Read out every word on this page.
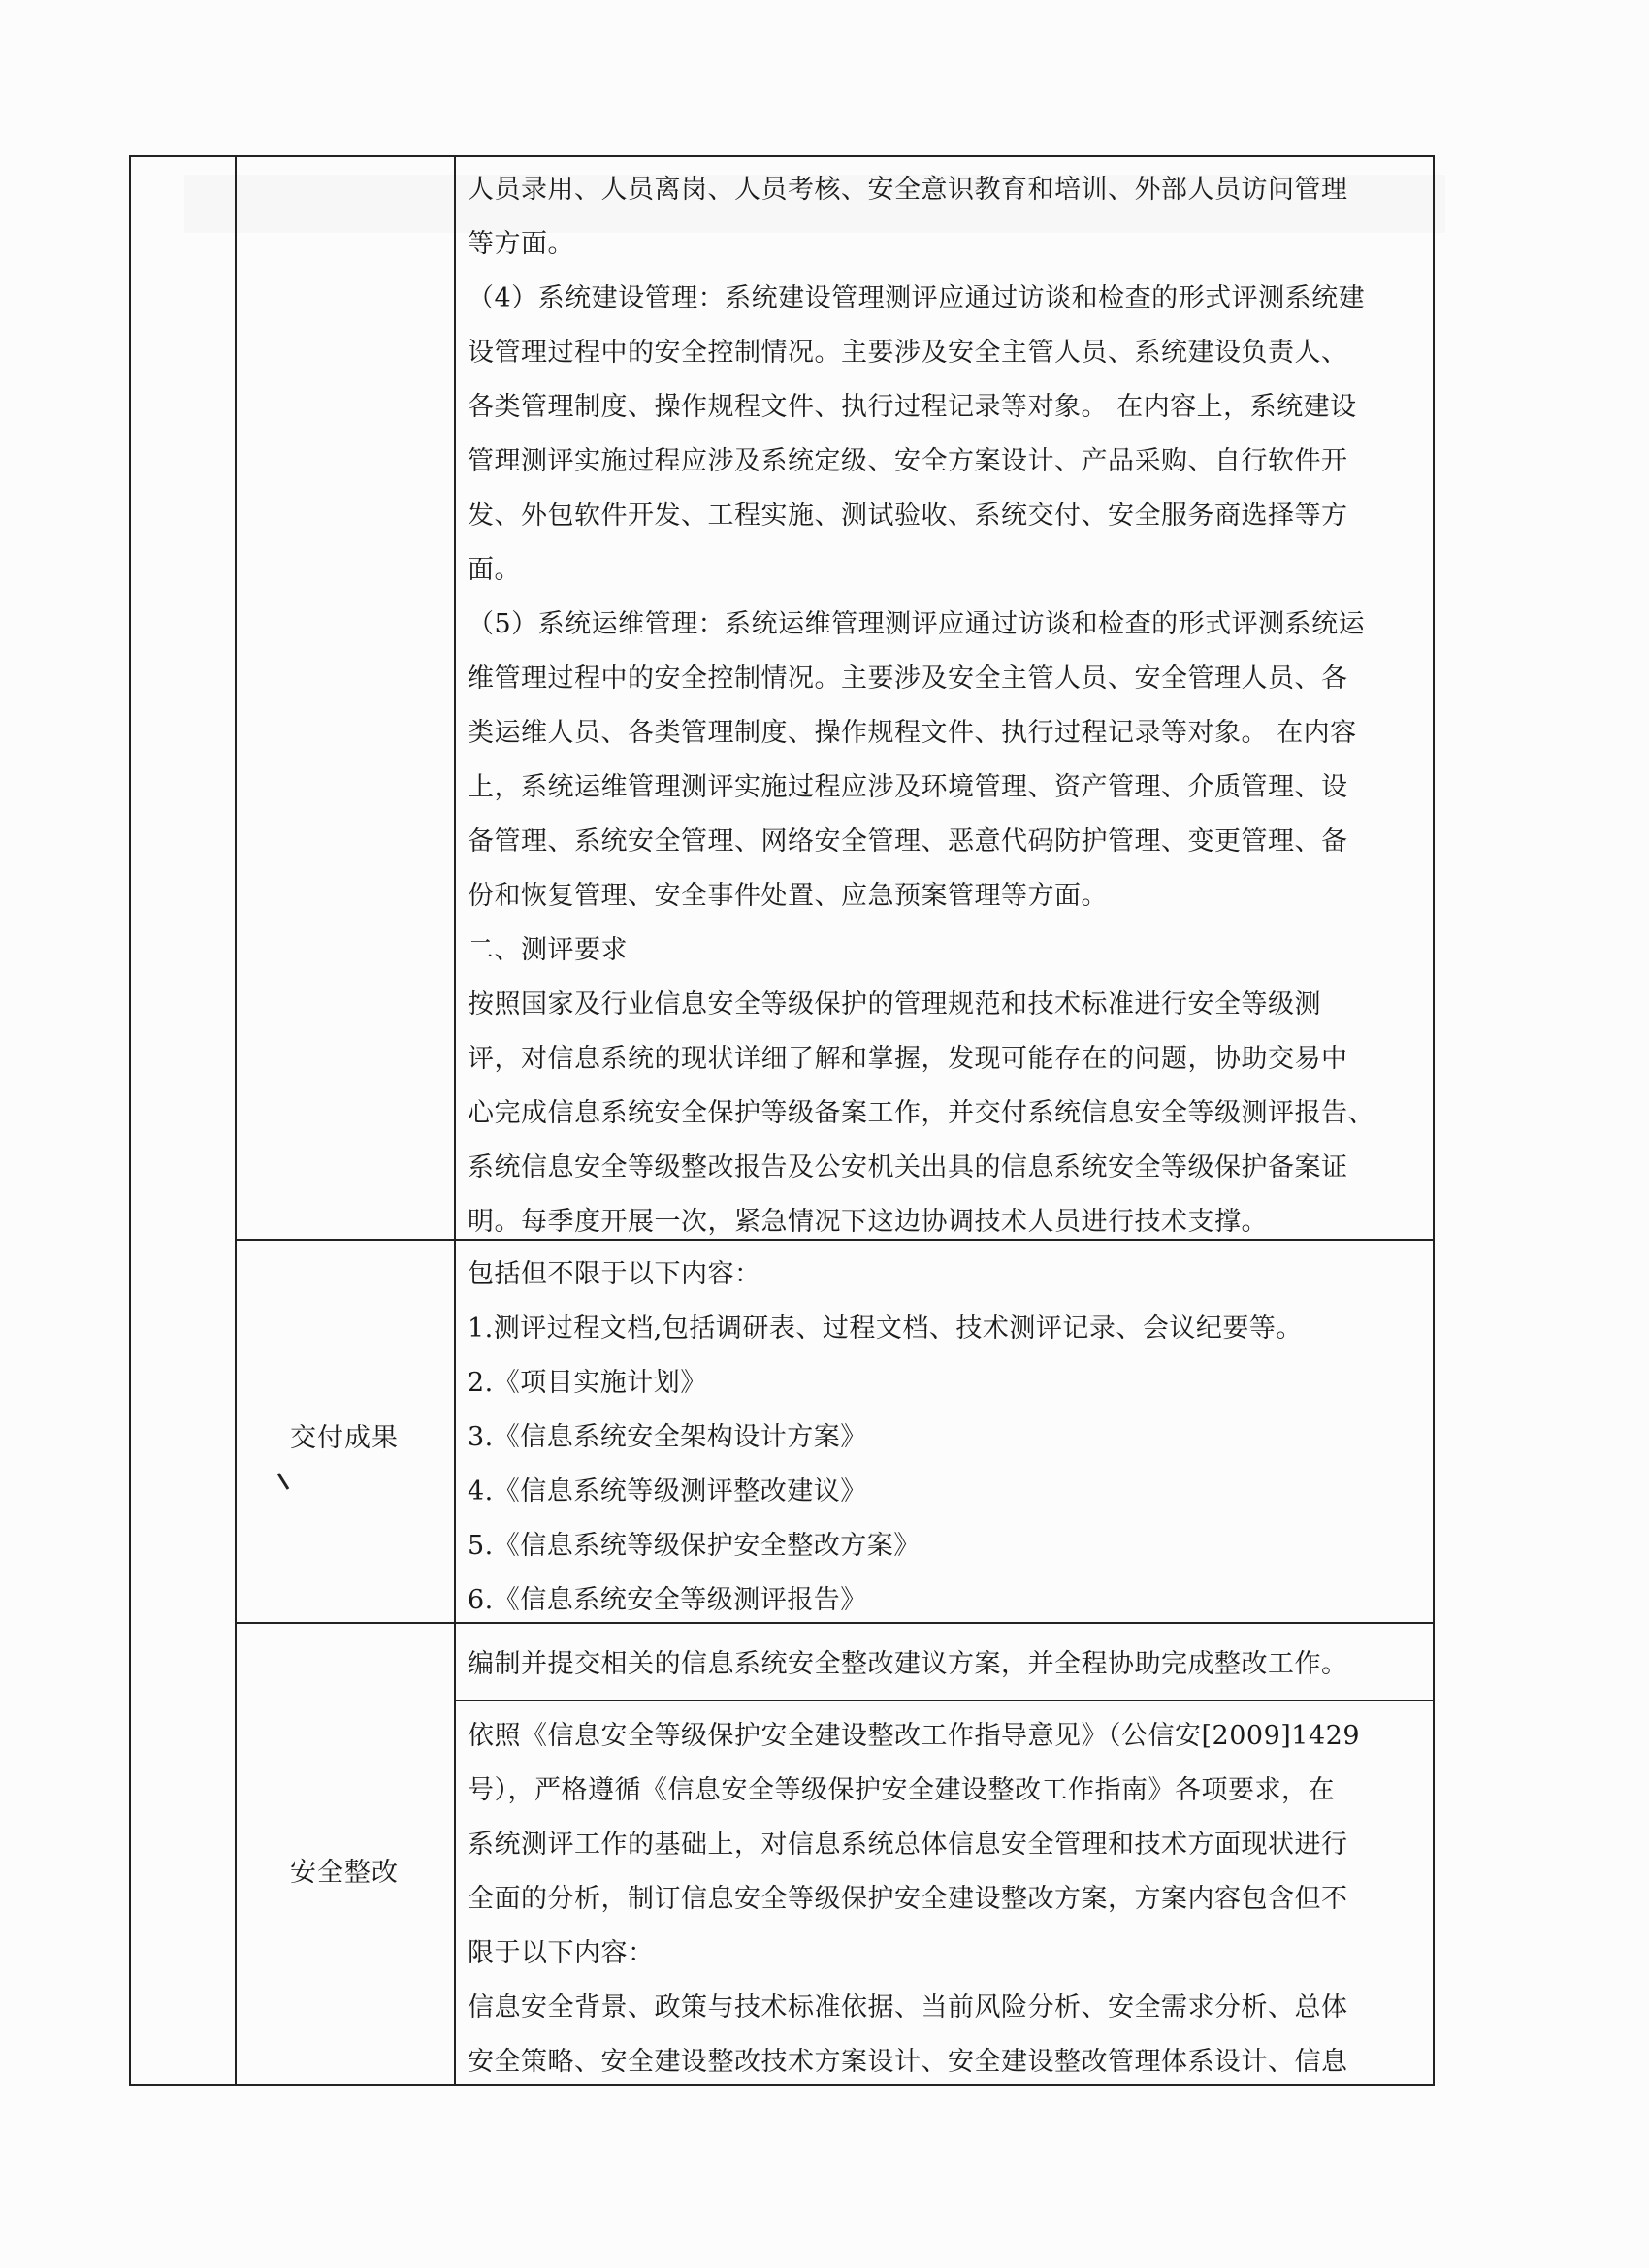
人员录用、人员离岗、人员考核、安全意识教育和培训、外部人员访问管理

等方面。

（4）系统建设管理：系统建设管理测评应通过访谈和检查的形式评测系统建

设管理过程中的安全控制情况。主要涉及安全主管人员、系统建设负责人、

各类管理制度、操作规程文件、执行过程记录等对象。 在内容上，系统建设

管理测评实施过程应涉及系统定级、安全方案设计、产品采购、自行软件开

发、外包软件开发、工程实施、测试验收、系统交付、安全服务商选择等方

面。

（5）系统运维管理：系统运维管理测评应通过访谈和检查的形式评测系统运

维管理过程中的安全控制情况。主要涉及安全主管人员、安全管理人员、各

类运维人员、各类管理制度、操作规程文件、执行过程记录等对象。 在内容

上，系统运维管理测评实施过程应涉及环境管理、资产管理、介质管理、设

备管理、系统安全管理、网络安全管理、恶意代码防护管理、变更管理、备

份和恢复管理、安全事件处置、应急预案管理等方面。

二、测评要求

按照国家及行业信息安全等级保护的管理规范和技术标准进行安全等级测

评，对信息系统的现状详细了解和掌握，发现可能存在的问题，协助交易中

心完成信息系统安全保护等级备案工作，并交付系统信息安全等级测评报告、

系统信息安全等级整改报告及公安机关出具的信息系统安全等级保护备案证

明。每季度开展一次，紧急情况下这边协调技术人员进行技术支撑。

交付成果

包括但不限于以下内容：

1.测评过程文档,包括调研表、过程文档、技术测评记录、会议纪要等。

2.《项目实施计划》

3.《信息系统安全架构设计方案》

4.《信息系统等级测评整改建议》

5.《信息系统等级保护安全整改方案》

6.《信息系统安全等级测评报告》

安全整改

编制并提交相关的信息系统安全整改建议方案，并全程协助完成整改工作。

依照《信息安全等级保护安全建设整改工作指导意见》（公信安[2009]1429

号），严格遵循《信息安全等级保护安全建设整改工作指南》各项要求，在

系统测评工作的基础上，对信息系统总体信息安全管理和技术方面现状进行

全面的分析，制订信息安全等级保护安全建设整改方案，方案内容包含但不

限于以下内容：

信息安全背景、政策与技术标准依据、当前风险分析、安全需求分析、总体

安全策略、安全建设整改技术方案设计、安全建设整改管理体系设计、信息
